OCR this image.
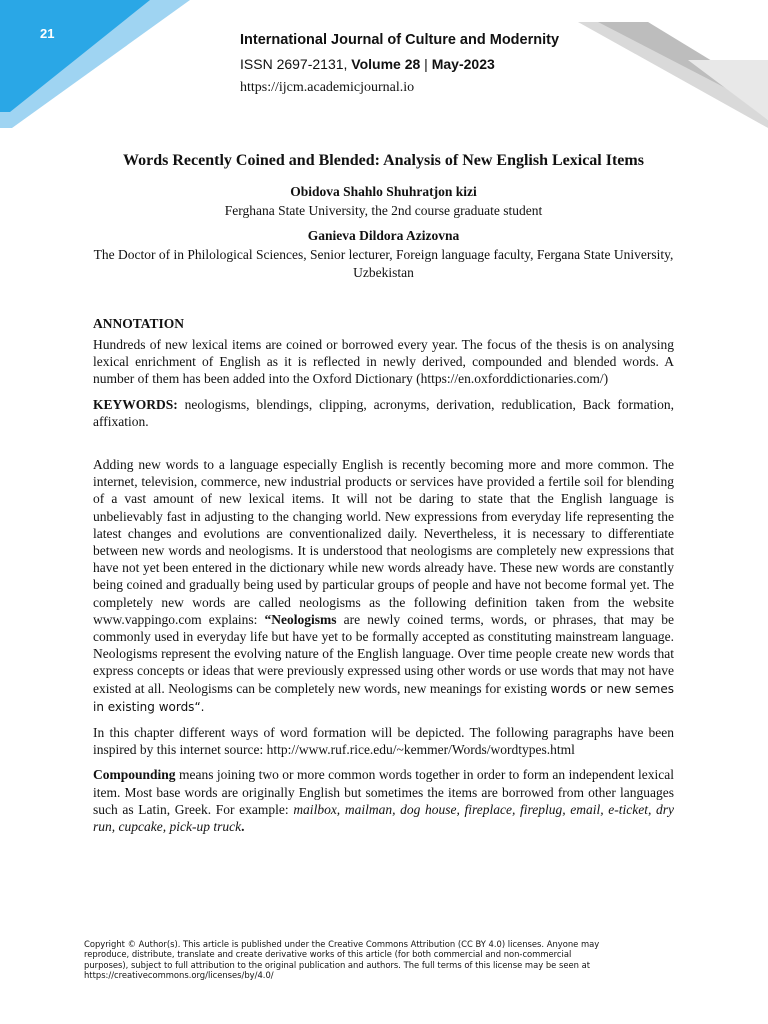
21	International Journal of Culture and Modernity

ISSN 2697-2131, Volume 28 | May-2023

https://ijcm.academicjournal.io

Words Recently Coined and Blended: Analysis of New English Lexical Items

Obidova Shahlo Shuhratjon kizi

Ferghana State University, the 2nd course graduate student

Ganieva Dildora Azizovna

The Doctor of in Philological Sciences, Senior lecturer, Foreign language faculty, Fergana State University, Uzbekistan

ANNOTATION

Hundreds of new lexical items are coined or borrowed every year. The focus of the thesis is on analysing lexical enrichment of English as it is reflected in newly derived, compounded and blended words. A number of them has been added into the Oxford Dictionary (https://en.oxforddictionaries.com/)

KEYWORDS: neologisms, blendings, clipping, acronyms, derivation, redublication, Back formation, affixation.

Adding new words to a language especially English is recently becoming more and more common. The internet, television, commerce, new industrial products or services have provided a fertile soil for blending of a vast amount of new lexical items. It will not be daring to state that the English language is unbelievably fast in adjusting to the changing world. New expressions from everyday life representing the latest changes and evolutions are conventionalized daily. Nevertheless, it is necessary to differentiate between new words and neologisms. It is understood that neologisms are completely new expressions that have not yet been entered in the dictionary while new words already have. These new words are constantly being coined and gradually being used by particular groups of people and have not become formal yet. The completely new words are called neologisms as the following definition taken from the website www.vappingo.com explains: “Neologisms are newly coined terms, words, or phrases, that may be commonly used in everyday life but have yet to be formally accepted as constituting mainstream language. Neologisms represent the evolving nature of the English language. Over time people create new words that express concepts or ideas that were previously expressed using other words or use words that may not have existed at all. Neologisms can be completely new words, new meanings for existing words or new semes in existing words“.

In this chapter different ways of word formation will be depicted. The following paragraphs have been inspired by this internet source: http://www.ruf.rice.edu/~kemmer/Words/wordtypes.html

Compounding means joining two or more common words together in order to form an independent lexical item. Most base words are originally English but sometimes the items are borrowed from other languages such as Latin, Greek. For example: mailbox, mailman, dog house, fireplace, fireplug, email, e-ticket, dry run, cupcake, pick-up truck.

Copyright © Author(s). This article is published under the Creative Commons Attribution (CC BY 4.0) licenses. Anyone may reproduce, distribute, translate and create derivative works of this article (for both commercial and non-commercial purposes), subject to full attribution to the original publication and authors. The full terms of this license may be seen at https://creativecommons.org/licenses/by/4.0/
